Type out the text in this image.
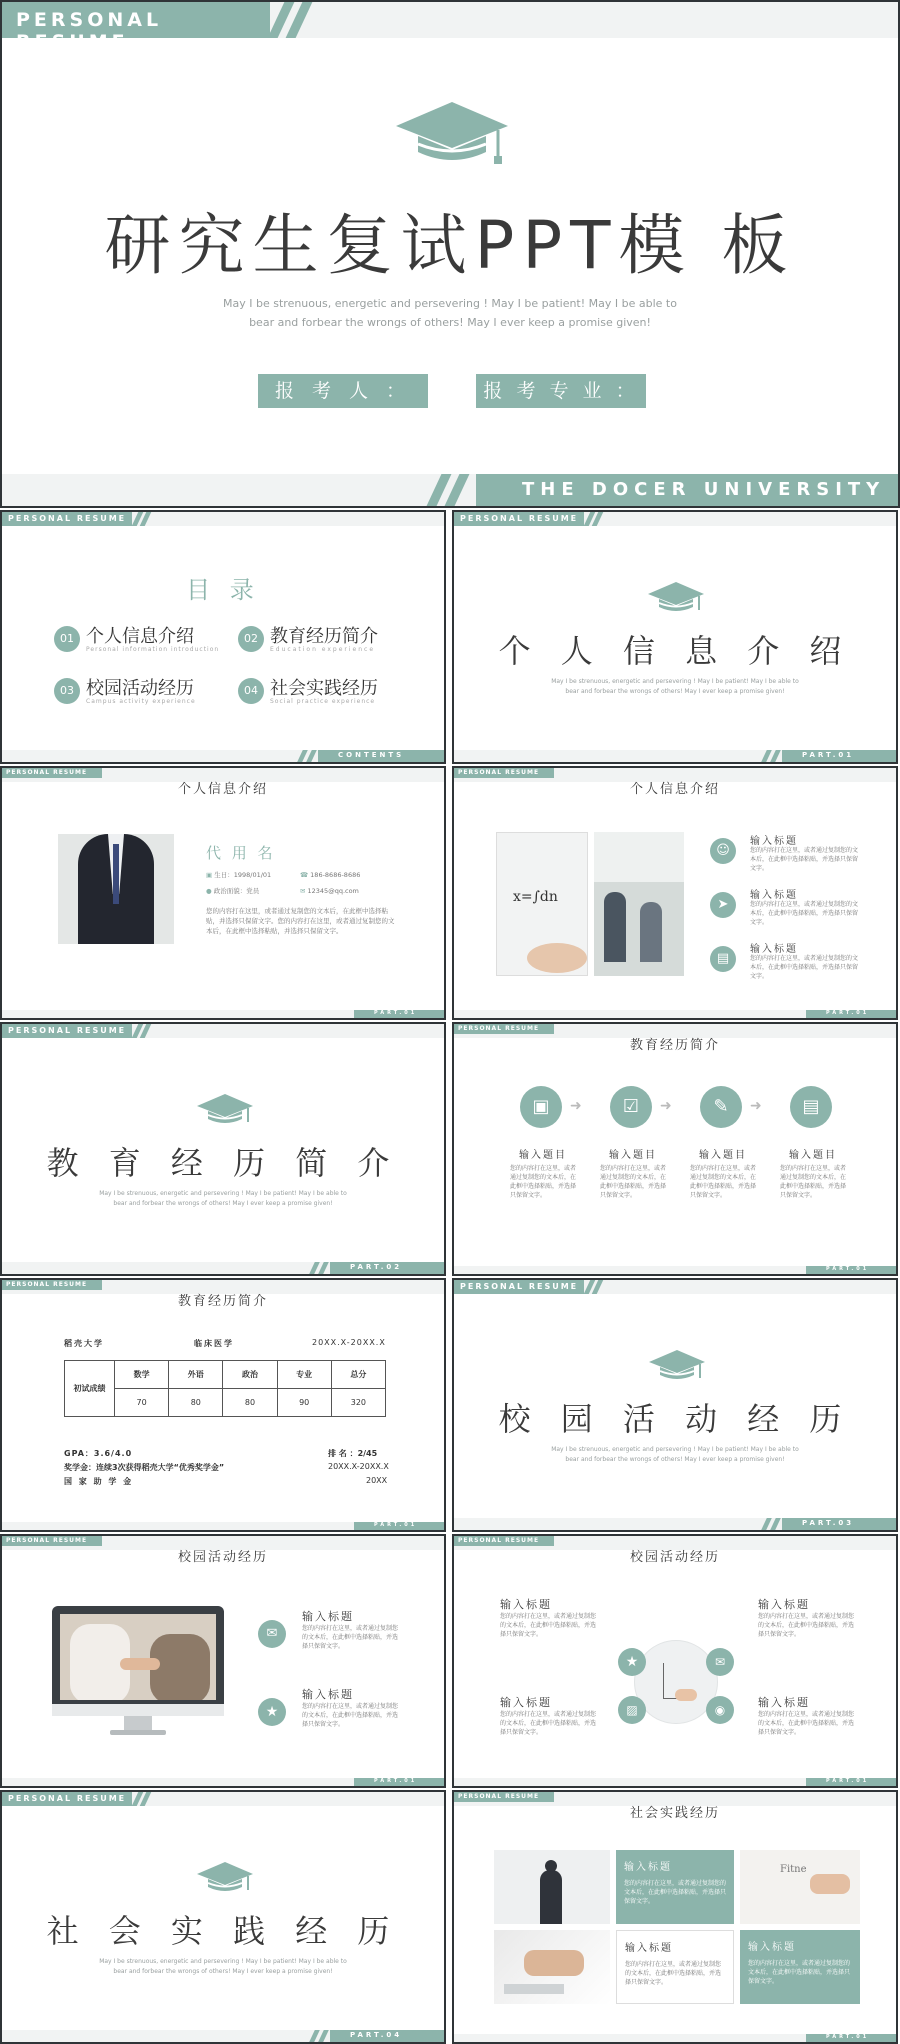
PERSONAL RESUME
研究生复试PPT模 板
May I be strenuous, energetic and persevering ! May I be patient! May I be able to
bear and forbear the wrongs of others! May I ever keep a promise given!
报 考 人 ：	报 考 专 业 ：
THE DOCER UNIVERSITY
PERSONAL RESUME
目 录
01 个人信息介绍
Personal information introduction
02 教育经历简介
Education experience
03 校园活动经历
Campus activity experience
04 社会实践经历
Social practice experience
CONTENTS
PERSONAL RESUME
个 人 信 息 介 绍
May I be strenuous, energetic and persevering ! May I be patient! May I be able to
bear and forbear the wrongs of others! May I ever keep a promise given!
PART.01
PERSONAL RESUME
个人信息介绍
代 用 名
▣ 生日：1998/01/01	☎ 186-8686-8686
● 政治面貌：党员	✉ 12345@qq.com
您的内容打在这里，或者通过复制您的文本后，在此框中选择粘贴，并选择只保留文字。您的内容打在这里，或者通过复制您的文本后，在此框中选择粘贴，并选择只保留文字。
PART.01
PERSONAL RESUME
个人信息介绍
x=∫dn
☺
输入标题
您的内容打在这里，或者通过复制您的文本后，在此框中选择粘贴，并选择只保留文字。
➤
输入标题
您的内容打在这里，或者通过复制您的文本后，在此框中选择粘贴，并选择只保留文字。
▤
输入标题
您的内容打在这里，或者通过复制您的文本后，在此框中选择粘贴，并选择只保留文字。
PART.01
PERSONAL RESUME
教 育 经 历 简 介
May I be strenuous, energetic and persevering ! May I be patient! May I be able to
bear and forbear the wrongs of others! May I ever keep a promise given!
PART.02
PERSONAL RESUME
教育经历简介
▣	➜	☑	➜	✎	➜	▤
输入题目
您的内容打在这里，或者通过复制您的文本后，在此框中选择粘贴，并选择只保留文字。
输入题目
您的内容打在这里，或者通过复制您的文本后，在此框中选择粘贴，并选择只保留文字。
输入题目
您的内容打在这里，或者通过复制您的文本后，在此框中选择粘贴，并选择只保留文字。
输入题目
您的内容打在这里，或者通过复制您的文本后，在此框中选择粘贴，并选择只保留文字。
PART.01
PERSONAL RESUME
教育经历简介
稻壳大学	临床医学	20XX.X-20XX.X
初试成绩	数学	外语	政治	专业	总分
	70	80	80	90	320
GPA：3.6/4.0	排 名 ：2/45
奖学金：连续3次获得稻壳大学“优秀奖学金”	20XX.X-20XX.X
国 家 助 学 金	20XX
PART.01
PERSONAL RESUME
校 园 活 动 经 历
May I be strenuous, energetic and persevering ! May I be patient! May I be able to
bear and forbear the wrongs of others! May I ever keep a promise given!
PART.03
PERSONAL RESUME
校园活动经历
✉
输入标题
您的内容打在这里，或者通过复制您的文本后，在此框中选择粘贴，并选择只保留文字。
★
输入标题
您的内容打在这里，或者通过复制您的文本后，在此框中选择粘贴，并选择只保留文字。
PART.01
PERSONAL RESUME
校园活动经历
输入标题
您的内容打在这里，或者通过复制您的文本后，在此框中选择粘贴，并选择只保留文字。
输入标题
您的内容打在这里，或者通过复制您的文本后，在此框中选择粘贴，并选择只保留文字。
输入标题
您的内容打在这里，或者通过复制您的文本后，在此框中选择粘贴，并选择只保留文字。
输入标题
您的内容打在这里，或者通过复制您的文本后，在此框中选择粘贴，并选择只保留文字。
★	✉
▨	◉
PART.01
PERSONAL RESUME
社 会 实 践 经 历
May I be strenuous, energetic and persevering ! May I be patient! May I be able to
bear and forbear the wrongs of others! May I ever keep a promise given!
PART.04
PERSONAL RESUME
社会实践经历
输入标题
您的内容打在这里，或者通过复制您的文本后，在此框中选择粘贴，并选择只保留文字。
Fitne
输入标题
您的内容打在这里，或者通过复制您的文本后，在此框中选择粘贴，并选择只保留文字。
输入标题
您的内容打在这里，或者通过复制您的文本后，在此框中选择粘贴，并选择只保留文字。
PART.01
